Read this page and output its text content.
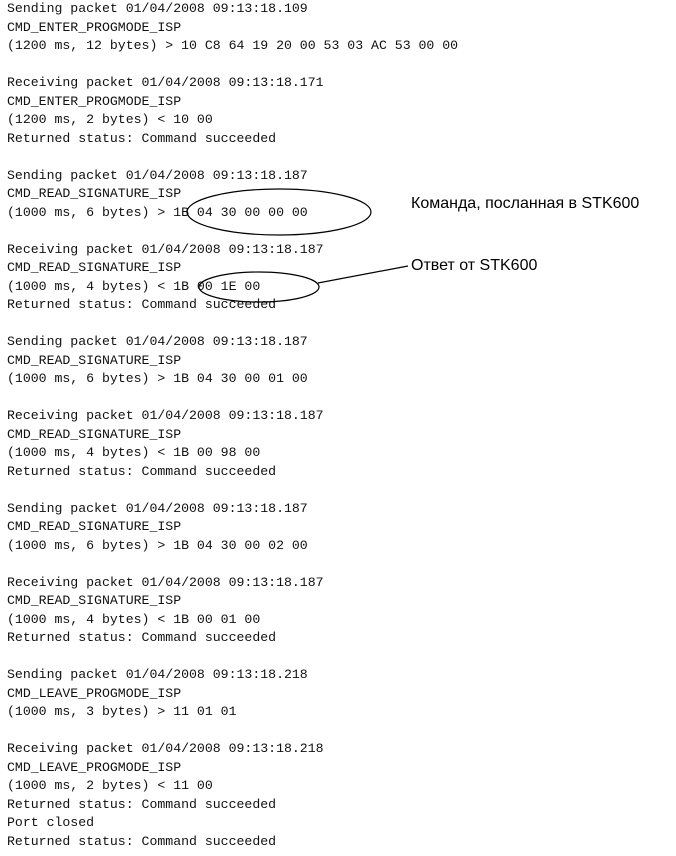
Sending packet 01/04/2008 09:13:18.109
CMD_ENTER_PROGMODE_ISP
(1200 ms, 12 bytes) > 10 C8 64 19 20 00 53 03 AC 53 00 00
Receiving packet 01/04/2008 09:13:18.171
CMD_ENTER_PROGMODE_ISP
(1200 ms, 2 bytes) < 10 00
Returned status: Command succeeded
Sending packet 01/04/2008 09:13:18.187
CMD_READ_SIGNATURE_ISP
(1000 ms, 6 bytes) > 1B 04 30 00 00 00
Receiving packet 01/04/2008 09:13:18.187
CMD_READ_SIGNATURE_ISP
(1000 ms, 4 bytes) < 1B 00 1E 00
Returned status: Command succeeded
Sending packet 01/04/2008 09:13:18.187
CMD_READ_SIGNATURE_ISP
(1000 ms, 6 bytes) > 1B 04 30 00 01 00
Receiving packet 01/04/2008 09:13:18.187
CMD_READ_SIGNATURE_ISP
(1000 ms, 4 bytes) < 1B 00 98 00
Returned status: Command succeeded
Sending packet 01/04/2008 09:13:18.187
CMD_READ_SIGNATURE_ISP
(1000 ms, 6 bytes) > 1B 04 30 00 02 00
Receiving packet 01/04/2008 09:13:18.187
CMD_READ_SIGNATURE_ISP
(1000 ms, 4 bytes) < 1B 00 01 00
Returned status: Command succeeded
Sending packet 01/04/2008 09:13:18.218
CMD_LEAVE_PROGMODE_ISP
(1000 ms, 3 bytes) > 11 01 01
Receiving packet 01/04/2008 09:13:18.218
CMD_LEAVE_PROGMODE_ISP
(1000 ms, 2 bytes) < 11 00
Returned status: Command succeeded
Port closed
Returned status: Command succeeded
Команда, посланная в STK600
Ответ от STK600
